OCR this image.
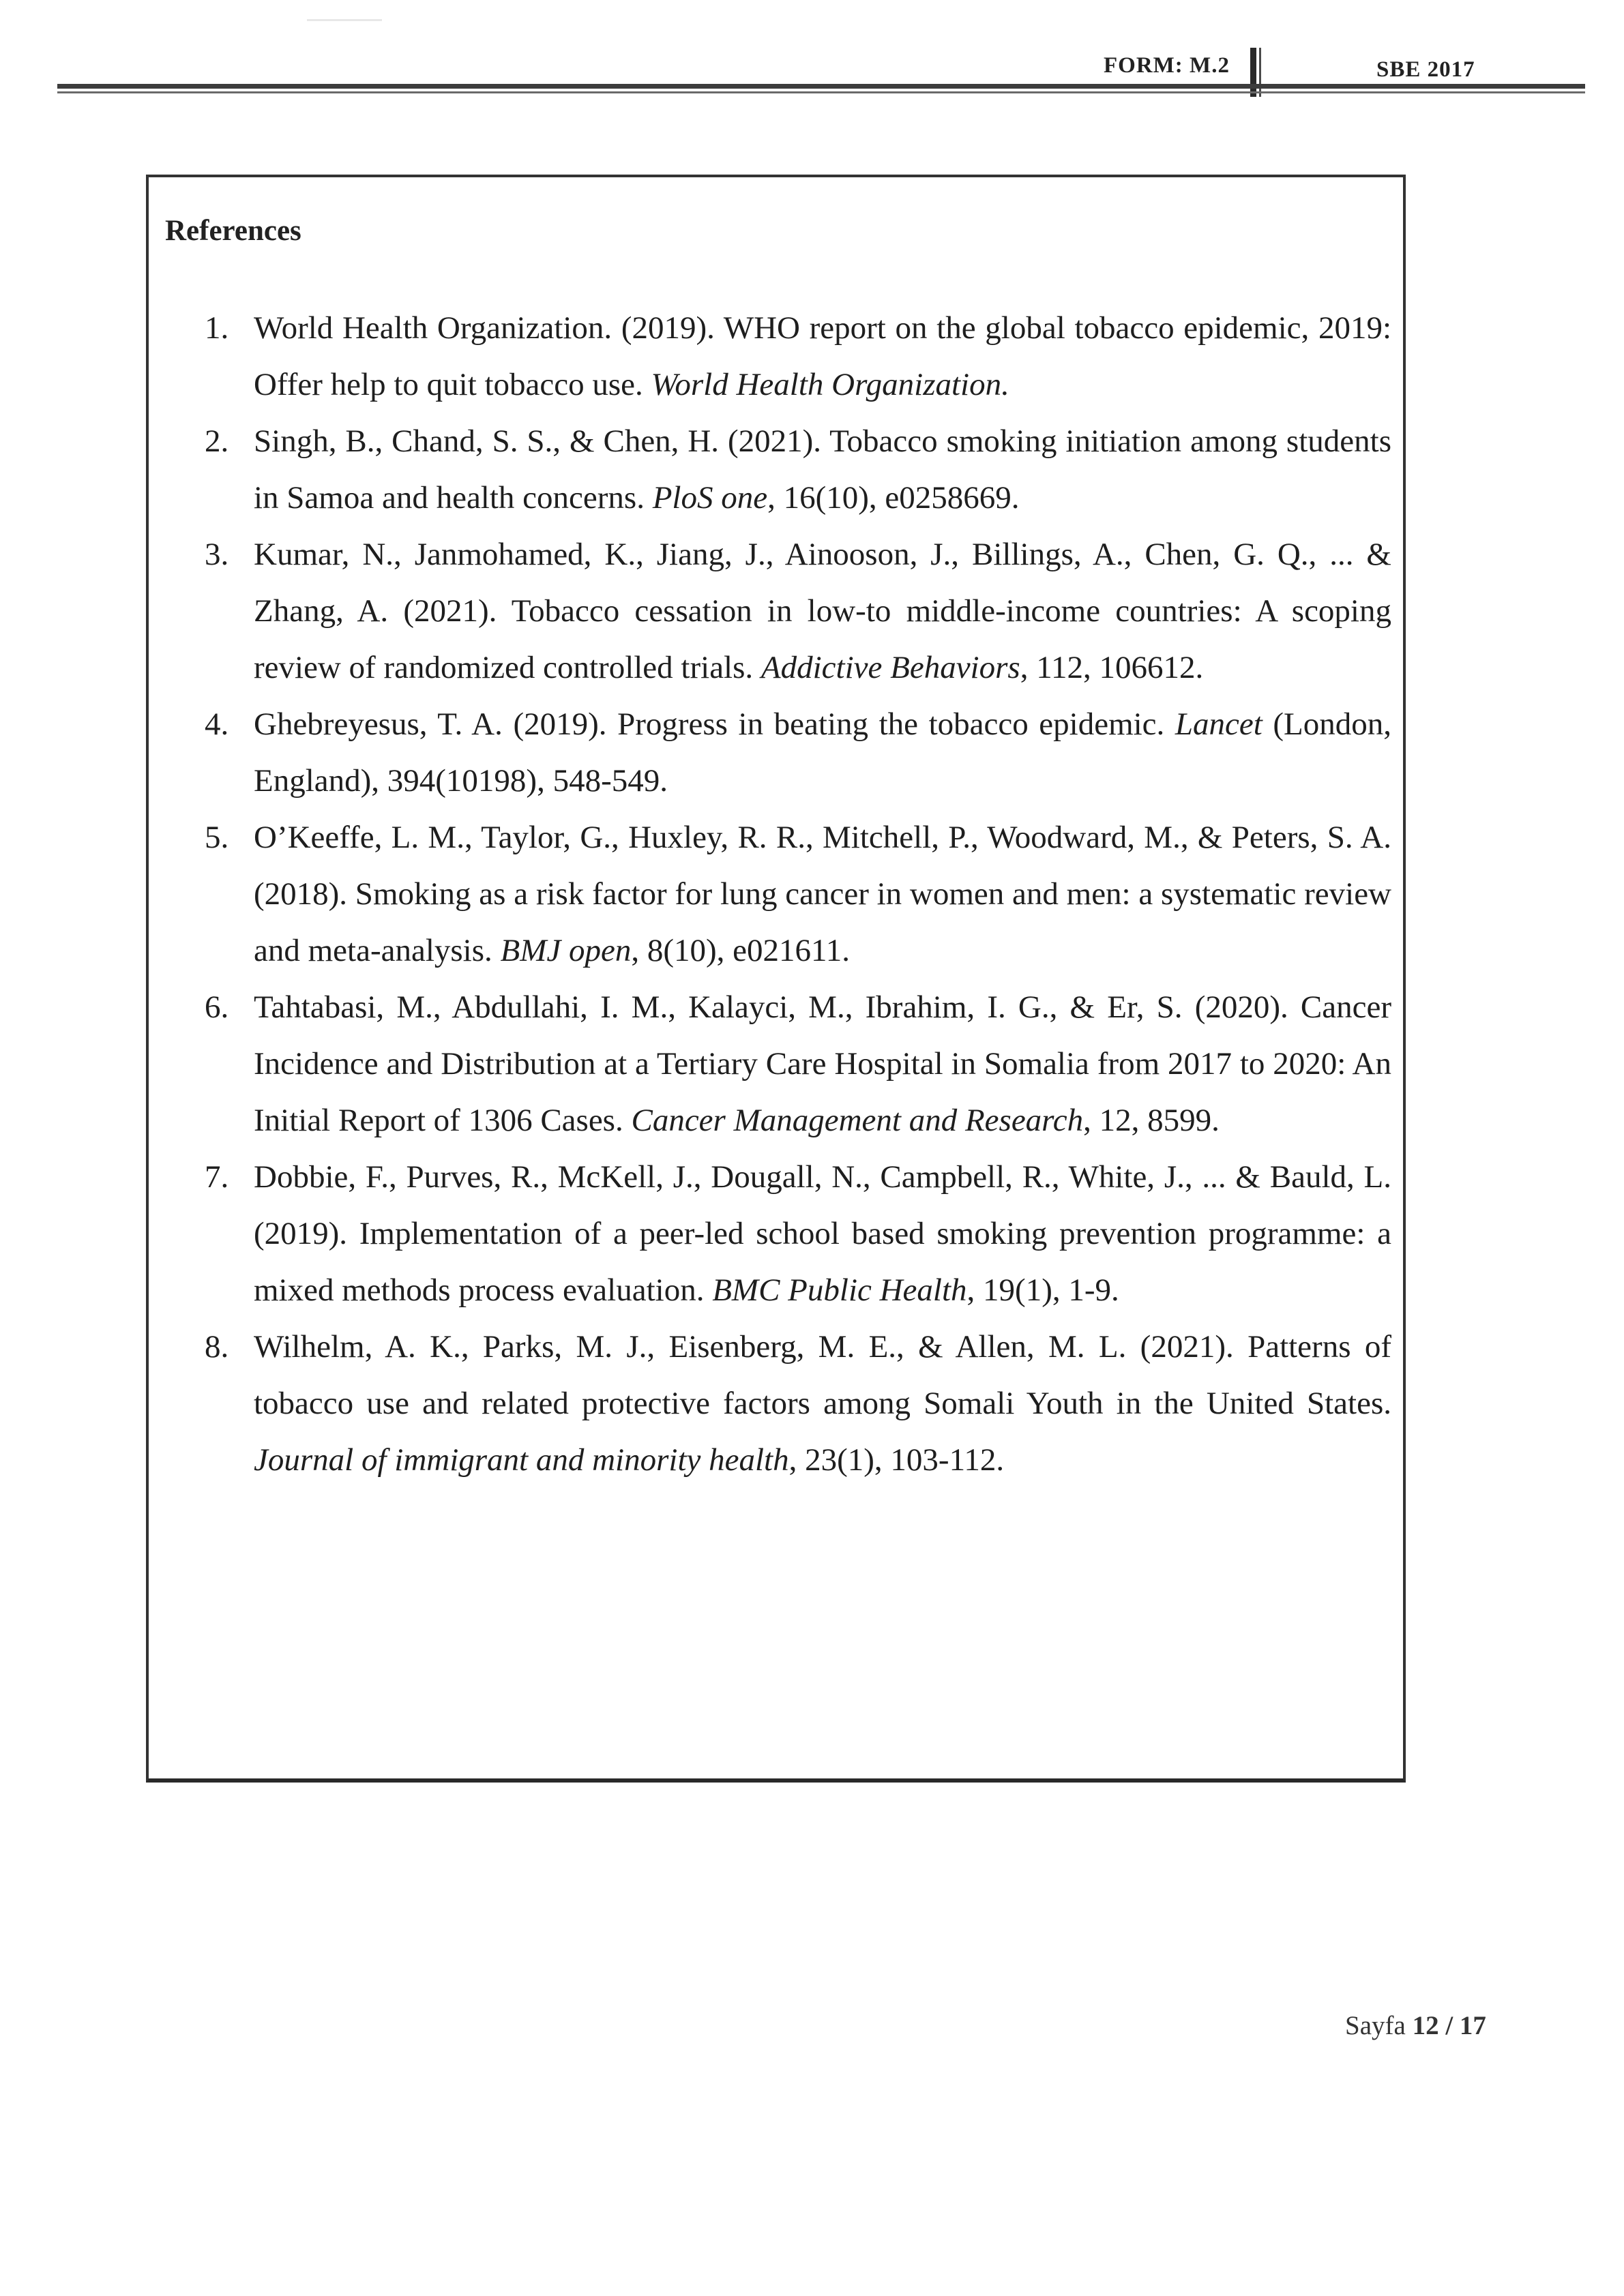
FORM: M.2	SBE 2017
References
1. World Health Organization. (2019). WHO report on the global tobacco epidemic, 2019: Offer help to quit tobacco use. World Health Organization.
2. Singh, B., Chand, S. S., & Chen, H. (2021). Tobacco smoking initiation among students in Samoa and health concerns. PloS one, 16(10), e0258669.
3. Kumar, N., Janmohamed, K., Jiang, J., Ainooson, J., Billings, A., Chen, G. Q., ... & Zhang, A. (2021). Tobacco cessation in low-to middle-income countries: A scoping review of randomized controlled trials. Addictive Behaviors, 112, 106612.
4. Ghebreyesus, T. A. (2019). Progress in beating the tobacco epidemic. Lancet (London, England), 394(10198), 548-549.
5. O’Keeffe, L. M., Taylor, G., Huxley, R. R., Mitchell, P., Woodward, M., & Peters, S. A. (2018). Smoking as a risk factor for lung cancer in women and men: a systematic review and meta-analysis. BMJ open, 8(10), e021611.
6. Tahtabasi, M., Abdullahi, I. M., Kalayci, M., Ibrahim, I. G., & Er, S. (2020). Cancer Incidence and Distribution at a Tertiary Care Hospital in Somalia from 2017 to 2020: An Initial Report of 1306 Cases. Cancer Management and Research, 12, 8599.
7. Dobbie, F., Purves, R., McKell, J., Dougall, N., Campbell, R., White, J., ... & Bauld, L. (2019). Implementation of a peer-led school based smoking prevention programme: a mixed methods process evaluation. BMC Public Health, 19(1), 1-9.
8. Wilhelm, A. K., Parks, M. J., Eisenberg, M. E., & Allen, M. L. (2021). Patterns of tobacco use and related protective factors among Somali Youth in the United States. Journal of immigrant and minority health, 23(1), 103-112.
Sayfa 12 / 17
